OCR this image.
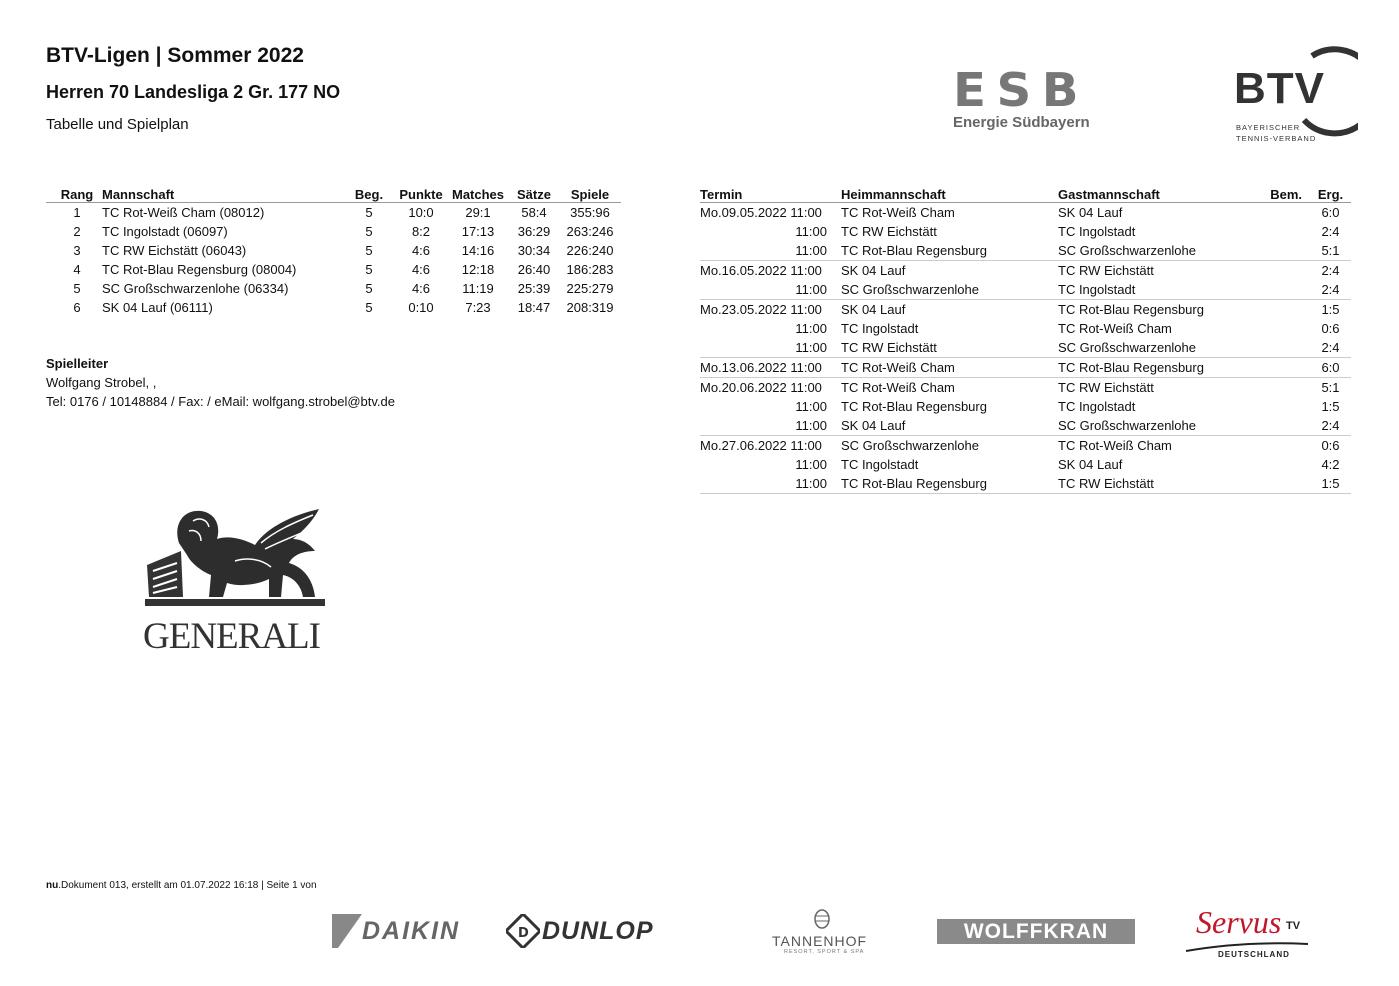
BTV-Ligen | Sommer 2022
Herren 70 Landesliga 2 Gr. 177 NO
Tabelle und Spielplan
ESB
Energie Südbayern
BTV
BAYERISCHER
TENNIS-VERBAND
Rang	Mannschaft	Beg.	Punkte	Matches	Sätze	Spiele
1	TC Rot-Weiß Cham (08012)	5	10:0	29:1	58:4	355:96
2	TC Ingolstadt (06097)	5	8:2	17:13	36:29	263:246
3	TC RW Eichstätt (06043)	5	4:6	14:16	30:34	226:240
4	TC Rot-Blau Regensburg (08004)	5	4:6	12:18	26:40	186:283
5	SC Großschwarzenlohe (06334)	5	4:6	11:19	25:39	225:279
6	SK 04 Lauf (06111)	5	0:10	7:23	18:47	208:319
Spielleiter
Wolfgang Strobel, ,
Tel: 0176 / 10148884 / Fax: / eMail: wolfgang.strobel@btv.de
Termin	Heimmannschaft	Gastmannschaft	Bem.	Erg.
Mo.09.05.2022 11:00	TC Rot-Weiß Cham	SK 04 Lauf		6:0
11:00	TC RW Eichstätt	TC Ingolstadt		2:4
11:00	TC Rot-Blau Regensburg	SC Großschwarzenlohe		5:1
Mo.16.05.2022 11:00	SK 04 Lauf	TC RW Eichstätt		2:4
11:00	SC Großschwarzenlohe	TC Ingolstadt		2:4
Mo.23.05.2022 11:00	SK 04 Lauf	TC Rot-Blau Regensburg		1:5
11:00	TC Ingolstadt	TC Rot-Weiß Cham		0:6
11:00	TC RW Eichstätt	SC Großschwarzenlohe		2:4
Mo.13.06.2022 11:00	TC Rot-Weiß Cham	TC Rot-Blau Regensburg		6:0
Mo.20.06.2022 11:00	TC Rot-Weiß Cham	TC RW Eichstätt		5:1
11:00	TC Rot-Blau Regensburg	TC Ingolstadt		1:5
11:00	SK 04 Lauf	SC Großschwarzenlohe		2:4
Mo.27.06.2022 11:00	SC Großschwarzenlohe	TC Rot-Weiß Cham		0:6
11:00	TC Ingolstadt	SK 04 Lauf		4:2
11:00	TC Rot-Blau Regensburg	TC RW Eichstätt		1:5
GENERALI
nu.Dokument 013, erstellt am 01.07.2022 16:18 | Seite 1 von
DAIKIN	D DUNLOP	TANNENHOF
RESORT, SPORT & SPA
WOLFFKRAN	Servus TV
DEUTSCHLAND
